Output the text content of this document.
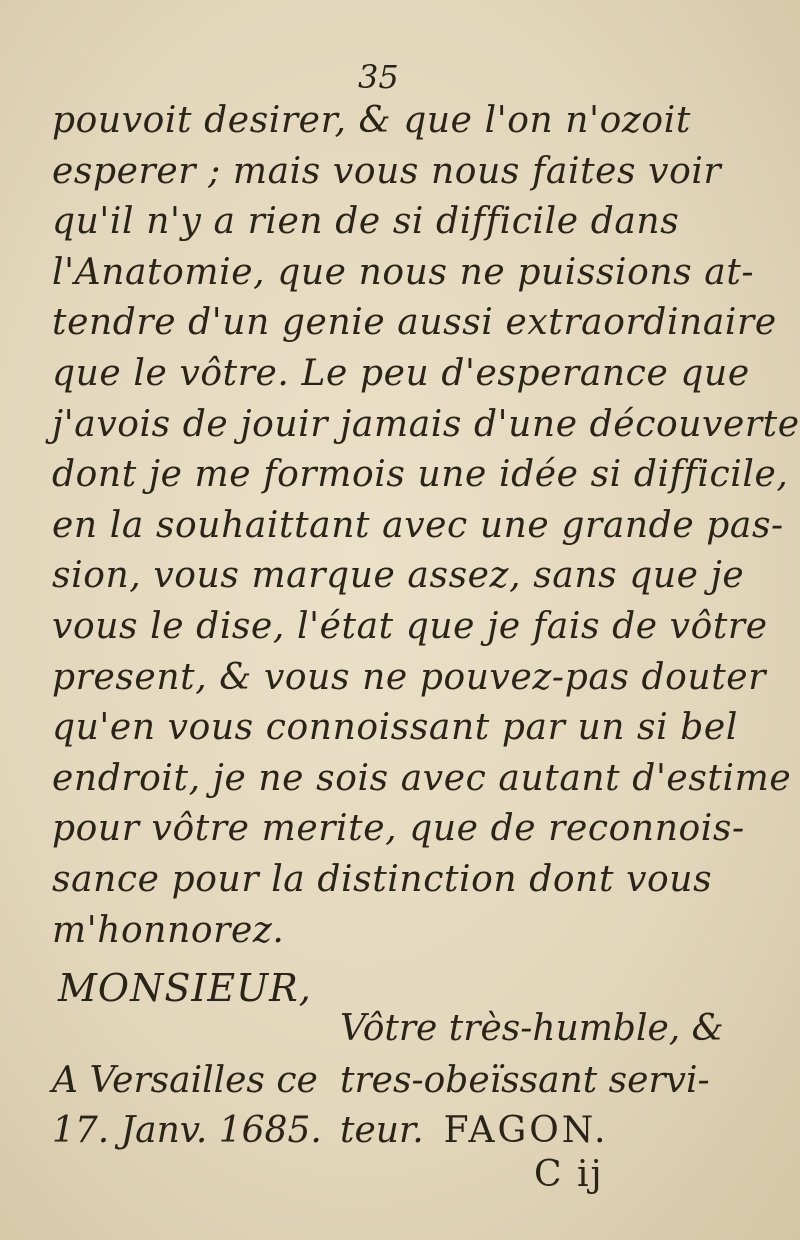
35
pouvoit desirer, & que l'on n'ozoit
esperer ; mais vous nous faites voir
qu'il n'y a rien de si difficile dans
l'Anatomie, que nous ne puissions at-
tendre d'un genie aussi extraordinaire
que le vôtre. Le peu d'esperance que
j'avois de jouir jamais d'une découverte
dont je me formois une idée si difficile,
en la souhaittant avec une grande pas-
sion, vous marque assez, sans que je
vous le dise, l'état que je fais de vôtre
present, & vous ne pouvez-pas douter
qu'en vous connoissant par un si bel
endroit, je ne sois avec autant d'estime
pour vôtre merite, que de reconnois-
sance pour la distinction dont vous
m'honnorez.
MONSIEUR,
Vôtre très-humble, &
A Versailles ce tres-obeïssant servi-
17. Janv. 1685. teur. FAGON.
C ij
